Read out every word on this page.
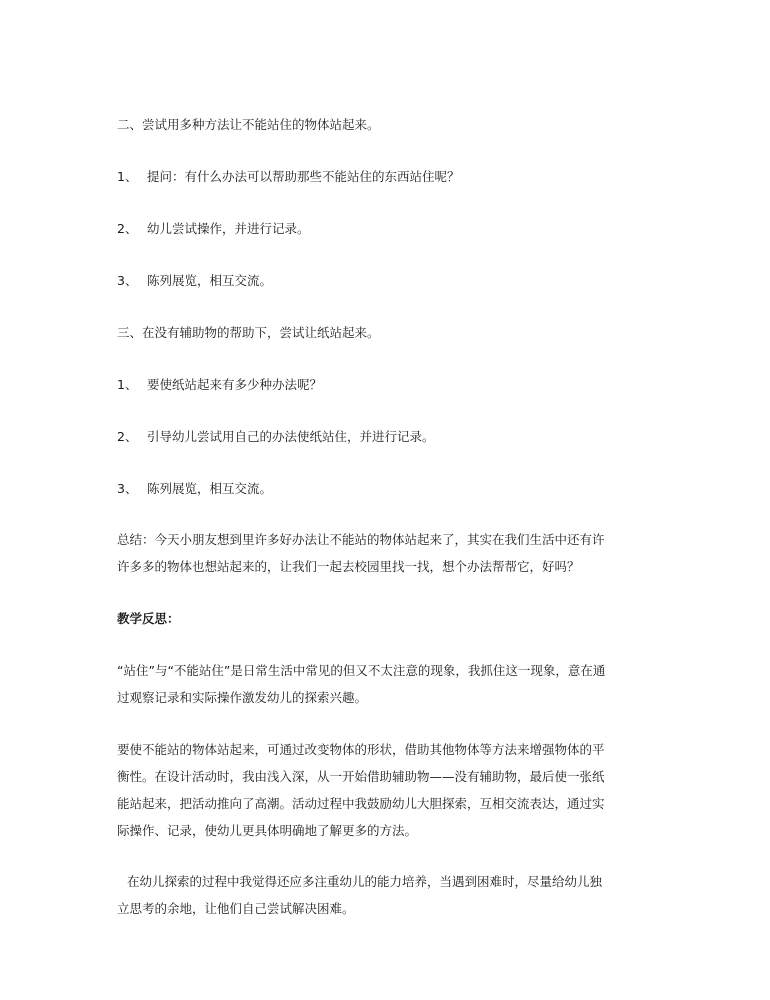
二、尝试用多种方法让不能站住的物体站起来。

1、 提问：有什么办法可以帮助那些不能站住的东西站住呢？

2、 幼儿尝试操作，并进行记录。

3、 陈列展览，相互交流。

三、在没有辅助物的帮助下，尝试让纸站起来。

1、 要使纸站起来有多少种办法呢？

2、 引导幼儿尝试用自己的办法使纸站住，并进行记录。

3、 陈列展览，相互交流。

总结：今天小朋友想到里许多好办法让不能站的物体站起来了，其实在我们生活中还有许

许多多的物体也想站起来的，让我们一起去校园里找一找，想个办法帮帮它，好吗？

教学反思：

“站住”与“不能站住”是日常生活中常见的但又不太注意的现象，我抓住这一现象，意在通

过观察记录和实际操作激发幼儿的探索兴趣。

要使不能站的物体站起来，可通过改变物体的形状，借助其他物体等方法来增强物体的平

衡性。在设计活动时，我由浅入深，从一开始借助辅助物——没有辅助物，最后使一张纸

能站起来，把活动推向了高潮。活动过程中我鼓励幼儿大胆探索，互相交流表达，通过实

际操作、记录，使幼儿更具体明确地了解更多的方法。

在幼儿探索的过程中我觉得还应多注重幼儿的能力培养，当遇到困难时，尽量给幼儿独

立思考的余地，让他们自己尝试解决困难。
